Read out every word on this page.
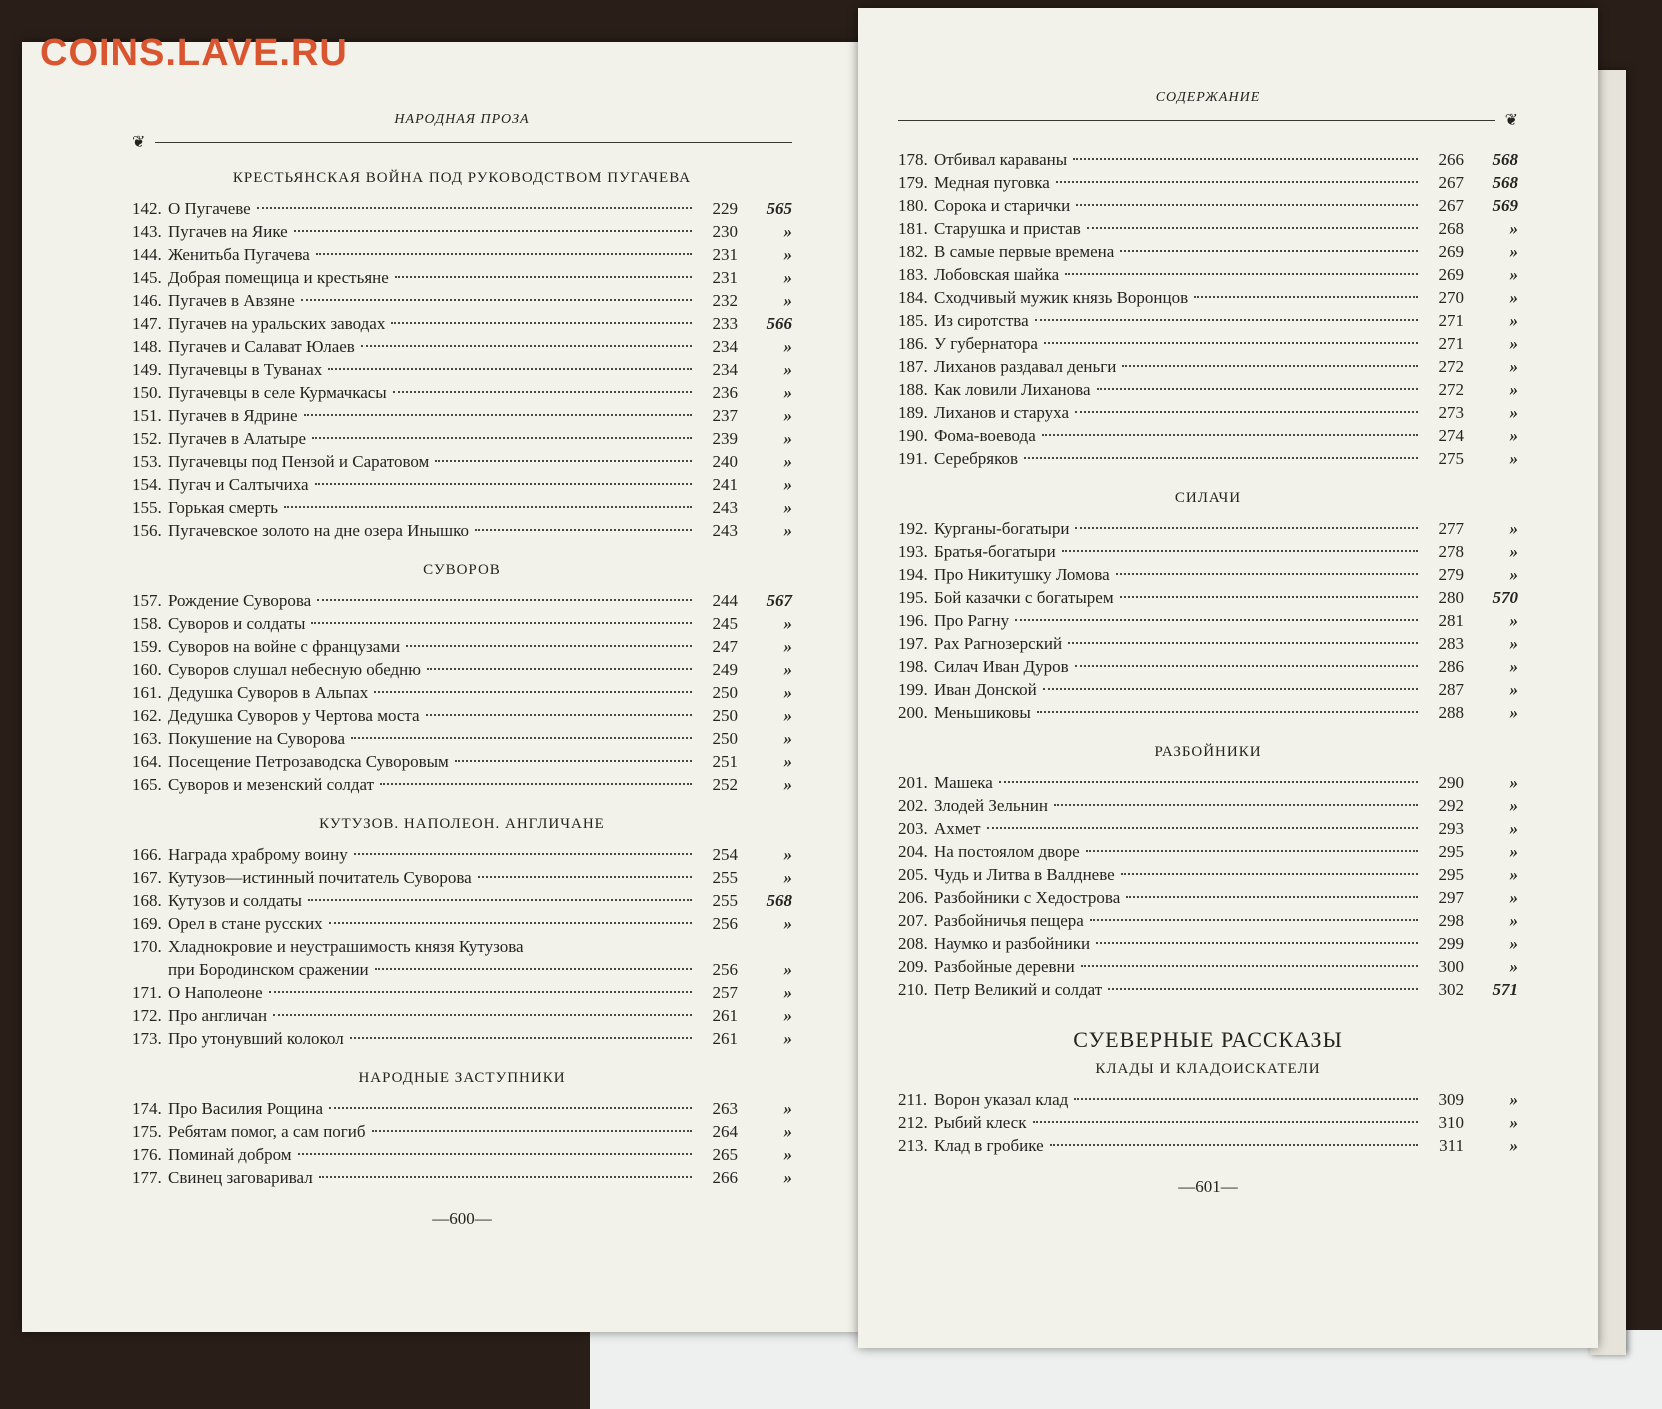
COINS.LAVE.RU
НАРОДНАЯ ПРОЗА
❦
КРЕСТЬЯНСКАЯ ВОЙНА ПОД РУКОВОДСТВОМ ПУГАЧЕВА
142. О Пугачеве	229	565
143. Пугачев на Яике	230	»
144. Женитьба Пугачева	231	»
145. Добрая помещица и крестьяне	231	»
146. Пугачев в Авзяне	232	»
147. Пугачев на уральских заводах	233	566
148. Пугачев и Салават Юлаев	234	»
149. Пугачевцы в Туванах	234	»
150. Пугачевцы в селе Курмачкасы	236	»
151. Пугачев в Ядрине	237	»
152. Пугачев в Алатыре	239	»
153. Пугачевцы под Пензой и Саратовом	240	»
154. Пугач и Салтычиха	241	»
155. Горькая смерть	243	»
156. Пугачевское золото на дне озера Инышко	243	»
СУВОРОВ
157. Рождение Суворова	244	567
158. Суворов и солдаты	245	»
159. Суворов на войне с французами	247	»
160. Суворов слушал небесную обедню	249	»
161. Дедушка Суворов в Альпах	250	»
162. Дедушка Суворов у Чертова моста	250	»
163. Покушение на Суворова	250	»
164. Посещение Петрозаводска Суворовым	251	»
165. Суворов и мезенский солдат	252	»
КУТУЗОВ. НАПОЛЕОН. АНГЛИЧАНЕ
166. Награда храброму воину	254	»
167. Кутузов—истинный почитатель Суворова	255	»
168. Кутузов и солдаты	255	568
169. Орел в стане русских	256	»
170. Хладнокровие и неустрашимость князя Кутузова
при Бородинском сражении	256	»
171. О Наполеоне	257	»
172. Про англичан	261	»
173. Про утонувший колокол	261	»
НАРОДНЫЕ ЗАСТУПНИКИ
174. Про Василия Рощина	263	»
175. Ребятам помог, а сам погиб	264	»
176. Поминай добром	265	»
177. Свинец заговаривал	266	»
—600—
СОДЕРЖАНИЕ
❦
178. Отбивал караваны	266	568
179. Медная пуговка	267	568
180. Сорока и старички	267	569
181. Старушка и пристав	268	»
182. В самые первые времена	269	»
183. Лобовская шайка	269	»
184. Сходчивый мужик князь Воронцов	270	»
185. Из сиротства	271	»
186. У губернатора	271	»
187. Лиханов раздавал деньги	272	»
188. Как ловили Лиханова	272	»
189. Лиханов и старуха	273	»
190. Фома-воевода	274	»
191. Серебряков	275	»
СИЛАЧИ
192. Курганы-богатыри	277	»
193. Братья-богатыри	278	»
194. Про Никитушку Ломова	279	»
195. Бой казачки с богатырем	280	570
196. Про Рагну	281	»
197. Рах Рагнозерский	283	»
198. Силач Иван Дуров	286	»
199. Иван Донской	287	»
200. Меньшиковы	288	»
РАЗБОЙНИКИ
201. Машека	290	»
202. Злодей Зельнин	292	»
203. Ахмет	293	»
204. На постоялом дворе	295	»
205. Чудь и Литва в Валдневе	295	»
206. Разбойники с Хедострова	297	»
207. Разбойничья пещера	298	»
208. Наумко и разбойники	299	»
209. Разбойные деревни	300	»
210. Петр Великий и солдат	302	571
СУЕВЕРНЫЕ РАССКАЗЫ
КЛАДЫ И КЛАДОИСКАТЕЛИ
211. Ворон указал клад	309	»
212. Рыбий клеск	310	»
213. Клад в гробике	311	»
—601—
